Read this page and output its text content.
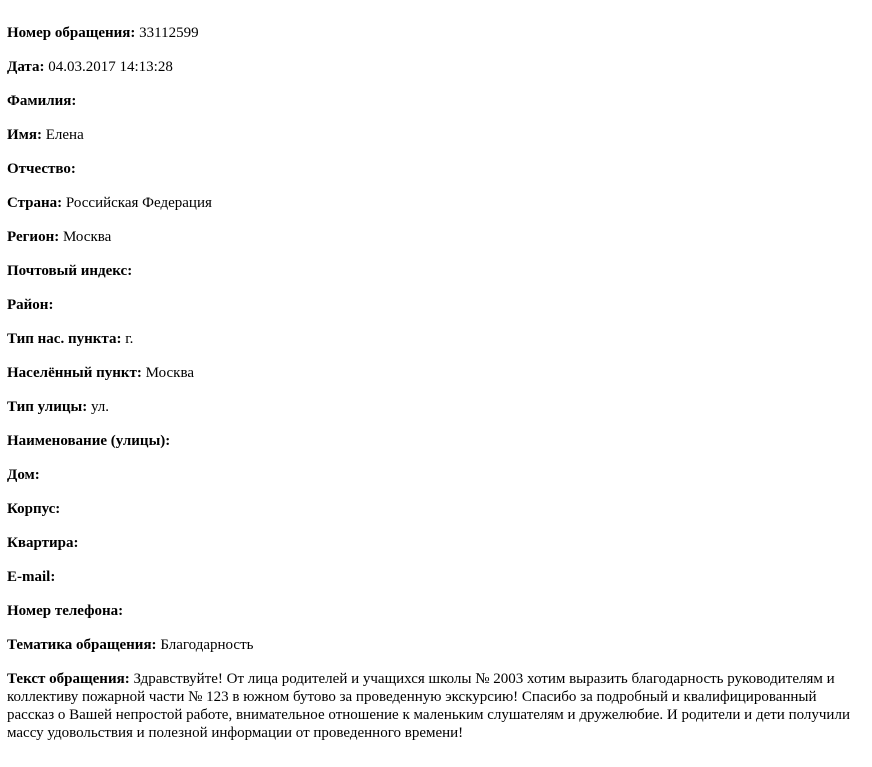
Номер обращения: 33112599
Дата: 04.03.2017 14:13:28
Фамилия:
Имя: Елена
Отчество:
Страна: Российская Федерация
Регион: Москва
Почтовый индекс:
Район:
Тип нас. пункта: г.
Населённый пункт: Москва
Тип улицы: ул.
Наименование (улицы):
Дом:
Корпус:
Квартира:
E-mail:
Номер телефона:
Тематика обращения: Благодарность
Текст обращения: Здравствуйте! От лица родителей и учащихся школы № 2003 хотим выразить благодарность руководителям и коллективу пожарной части № 123 в южном бутово за проведенную экскурсию! Спасибо за подробный и квалифицированный рассказ о Вашей непростой работе, внимательное отношение к маленьким слушателям и дружелюбие. И родители и дети получили массу удовольствия и полезной информации от проведенного времени!
